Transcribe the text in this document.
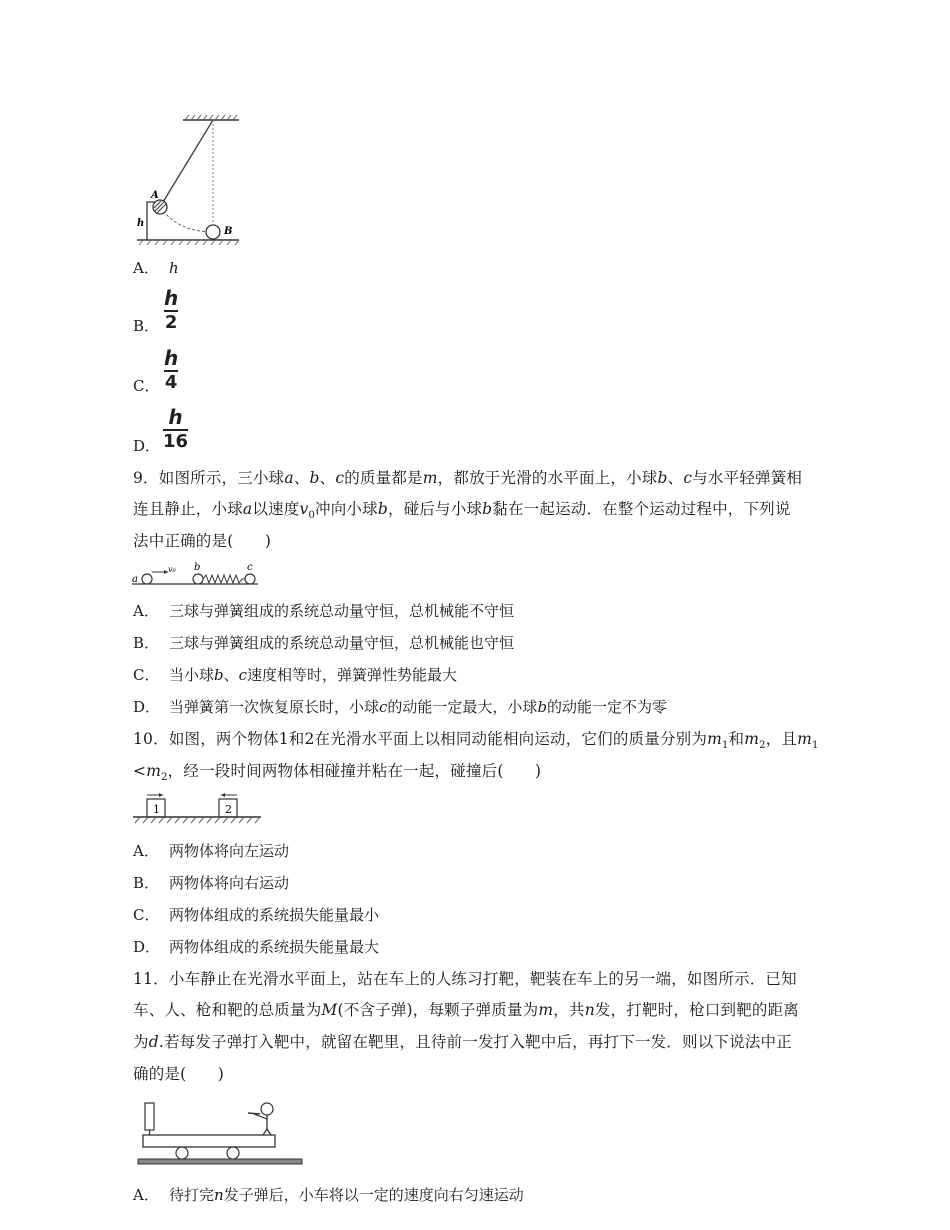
A
B
h
A． h
B．
h
2
C．
h
4
D．
h
16
9．如图所示，三小球a、b、c的质量都是m，都放于光滑的水平面上，小球b、c与水平轻弹簧相
连且静止，小球a以速度$v_0$冲向小球b，碰后与小球b黏在一起运动．在整个运动过程中，下列说
法中正确的是(　　)
a
v₀ b	c
A． 三球与弹簧组成的系统总动量守恒，总机械能不守恒
B． 三球与弹簧组成的系统总动量守恒，总机械能也守恒
C． 当小球b、c速度相等时，弹簧弹性势能最大
D． 当弹簧第一次恢复原长时，小球c的动能一定最大，小球b的动能一定不为零
10．如图，两个物体1和2在光滑水平面上以相同动能相向运动，它们的质量分别为$m_1$和$m_2$，且$m_1$
$<m_2$，经一段时间两物体相碰撞并粘在一起，碰撞后(　　)
1	2
A． 两物体将向左运动
B． 两物体将向右运动
C． 两物体组成的系统损失能量最小
D． 两物体组成的系统损失能量最大
11．小车静止在光滑水平面上，站在车上的人练习打靶，靶装在车上的另一端，如图所示．已知
车、人、枪和靶的总质量为M(不含子弹)，每颗子弹质量为m，共n发，打靶时，枪口到靶的距离
为d.若每发子弹打入靶中，就留在靶里，且待前一发打入靶中后，再打下一发．则以下说法中正
确的是(　　)
A． 待打完n发子弹后，小车将以一定的速度向右匀速运动
